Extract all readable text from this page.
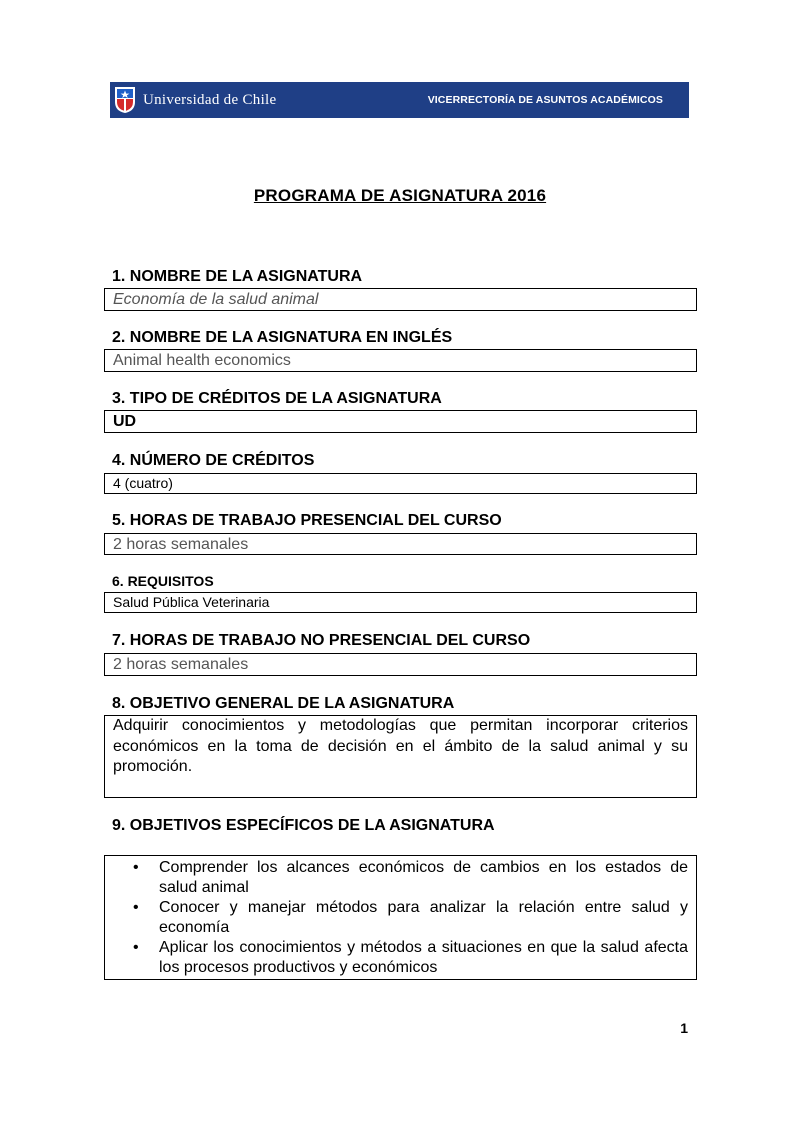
Universidad de Chile	VICERRECTORÍA DE ASUNTOS ACADÉMICOS
PROGRAMA DE ASIGNATURA 2016
1. NOMBRE DE LA ASIGNATURA
Economía de la salud animal
2. NOMBRE DE LA ASIGNATURA EN INGLÉS
Animal health economics
3. TIPO DE CRÉDITOS DE LA ASIGNATURA
UD
4. NÚMERO DE CRÉDITOS
4 (cuatro)
5. HORAS DE TRABAJO PRESENCIAL DEL CURSO
2 horas semanales
6. REQUISITOS
Salud Pública Veterinaria
7. HORAS DE TRABAJO NO PRESENCIAL DEL CURSO
2 horas semanales
8. OBJETIVO GENERAL DE LA ASIGNATURA
Adquirir conocimientos y metodologías que permitan incorporar criterios económicos en la toma de decisión en el ámbito de la salud animal y su promoción.
9. OBJETIVOS ESPECÍFICOS DE LA ASIGNATURA
• Comprender los alcances económicos de cambios en los estados de salud animal
• Conocer y manejar métodos para analizar la relación entre salud y economía
• Aplicar los conocimientos y métodos a situaciones en que la salud afecta los procesos productivos y económicos
1
